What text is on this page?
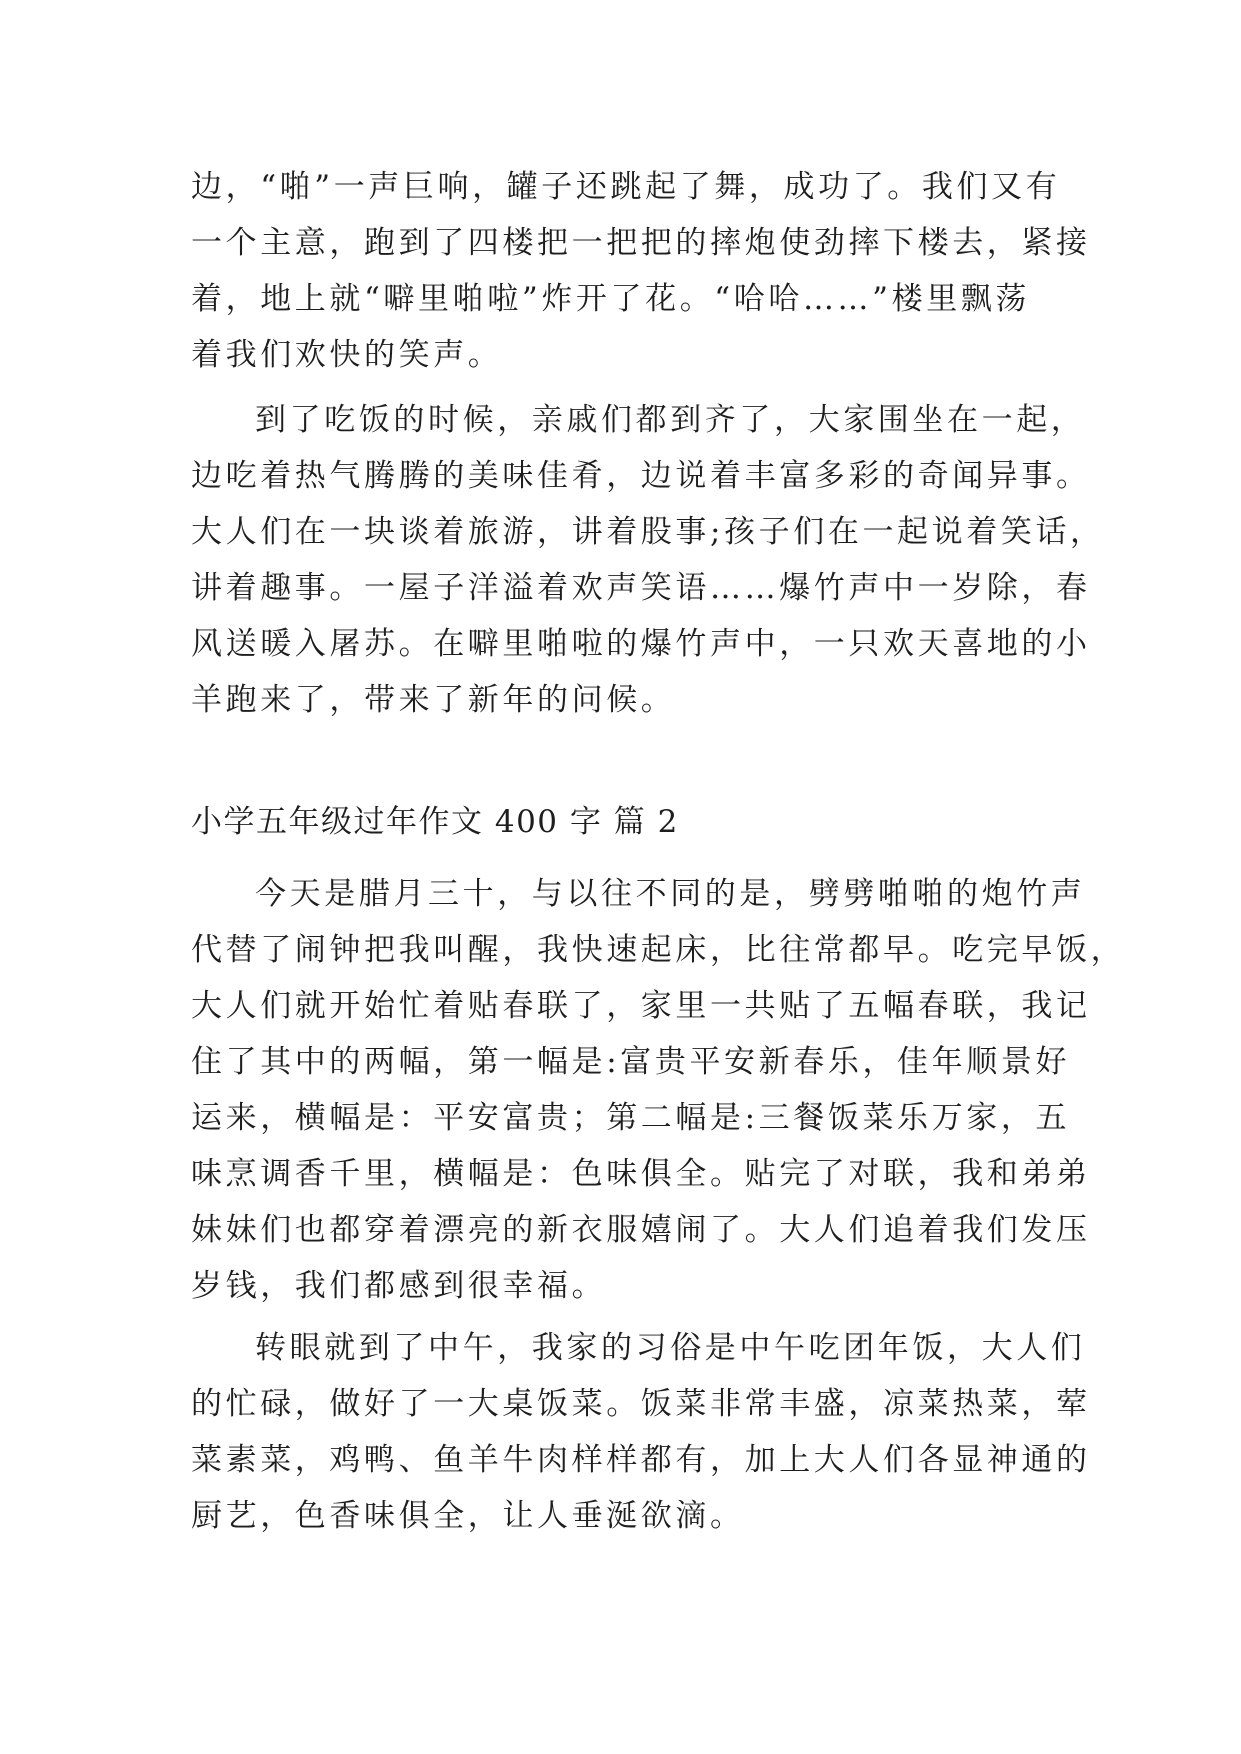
边，“啪”一声巨响，罐子还跳起了舞，成功了。我们又有
一个主意，跑到了四楼把一把把的摔炮使劲摔下楼去，紧接
着，地上就“噼里啪啦”炸开了花。“哈哈……”楼里飘荡
着我们欢快的笑声。
到了吃饭的时候，亲戚们都到齐了，大家围坐在一起，
边吃着热气腾腾的美味佳肴，边说着丰富多彩的奇闻异事。
大人们在一块谈着旅游，讲着股事;孩子们在一起说着笑话，
讲着趣事。一屋子洋溢着欢声笑语……爆竹声中一岁除，春
风送暖入屠苏。在噼里啪啦的爆竹声中，一只欢天喜地的小
羊跑来了，带来了新年的问候。
小学五年级过年作文 400 字 篇 2
今天是腊月三十，与以往不同的是，劈劈啪啪的炮竹声
代替了闹钟把我叫醒，我快速起床，比往常都早。吃完早饭，
大人们就开始忙着贴春联了，家里一共贴了五幅春联，我记
住了其中的两幅，第一幅是:富贵平安新春乐，佳年顺景好
运来，横幅是：平安富贵；第二幅是:三餐饭菜乐万家，五
味烹调香千里，横幅是：色味俱全。贴完了对联，我和弟弟
妹妹们也都穿着漂亮的新衣服嬉闹了。大人们追着我们发压
岁钱，我们都感到很幸福。
转眼就到了中午，我家的习俗是中午吃团年饭，大人们
的忙碌，做好了一大桌饭菜。饭菜非常丰盛，凉菜热菜，荤
菜素菜，鸡鸭、鱼羊牛肉样样都有，加上大人们各显神通的
厨艺，色香味俱全，让人垂涎欲滴。
